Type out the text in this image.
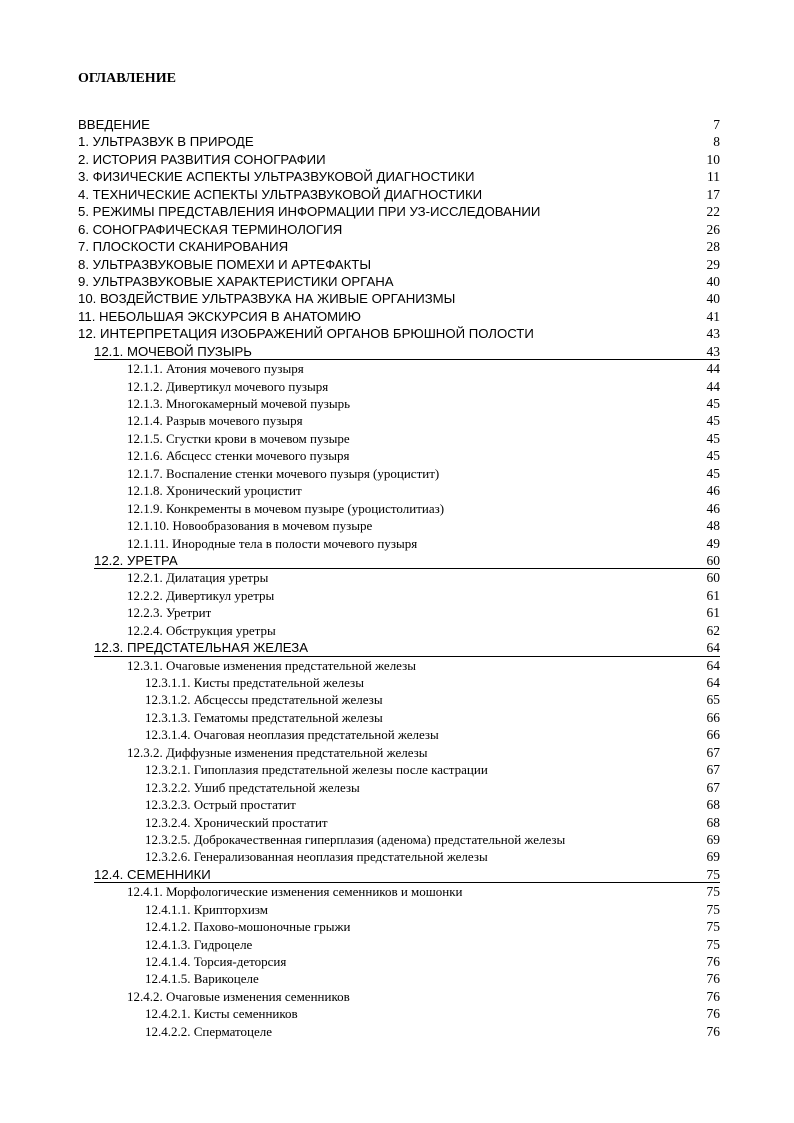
ОГЛАВЛЕНИЕ
ВВЕДЕНИЕ	7
1. УЛЬТРАЗВУК В ПРИРОДЕ	8
2. ИСТОРИЯ РАЗВИТИЯ СОНОГРАФИИ	10
3. ФИЗИЧЕСКИЕ АСПЕКТЫ УЛЬТРАЗВУКОВОЙ ДИАГНОСТИКИ	11
4. ТЕХНИЧЕСКИЕ АСПЕКТЫ УЛЬТРАЗВУКОВОЙ ДИАГНОСТИКИ	17
5. РЕЖИМЫ ПРЕДСТАВЛЕНИЯ ИНФОРМАЦИИ ПРИ УЗ-ИССЛЕДОВАНИИ	22
6. СОНОГРАФИЧЕСКАЯ ТЕРМИНОЛОГИЯ	26
7. ПЛОСКОСТИ СКАНИРОВАНИЯ	28
8. УЛЬТРАЗВУКОВЫЕ ПОМЕХИ И АРТЕФАКТЫ	29
9. УЛЬТРАЗВУКОВЫЕ ХАРАКТЕРИСТИКИ ОРГАНА	40
10. ВОЗДЕЙСТВИЕ УЛЬТРАЗВУКА НА ЖИВЫЕ ОРГАНИЗМЫ	40
11. НЕБОЛЬШАЯ ЭКСКУРСИЯ В АНАТОМИЮ	41
12. ИНТЕРПРЕТАЦИЯ ИЗОБРАЖЕНИЙ ОРГАНОВ БРЮШНОЙ ПОЛОСТИ	43
12.1. МОЧЕВОЙ ПУЗЫРЬ	43
12.1.1. Атония мочевого пузыря	44
12.1.2. Дивертикул мочевого пузыря	44
12.1.3. Многокамерный мочевой пузырь	45
12.1.4. Разрыв мочевого пузыря	45
12.1.5. Сгустки крови в мочевом пузыре	45
12.1.6. Абсцесс стенки мочевого пузыря	45
12.1.7. Воспаление стенки мочевого пузыря (уроцистит)	45
12.1.8. Хронический уроцистит	46
12.1.9. Конкременты в мочевом пузыре (уроцистолитиаз)	46
12.1.10. Новообразования в мочевом пузыре	48
12.1.11. Инородные тела в полости мочевого пузыря	49
12.2. УРЕТРА	60
12.2.1. Дилатация уретры	60
12.2.2. Дивертикул уретры	61
12.2.3. Уретрит	61
12.2.4. Обструкция уретры	62
12.3. ПРЕДСТАТЕЛЬНАЯ ЖЕЛЕЗА	64
12.3.1. Очаговые изменения предстательной железы	64
12.3.1.1. Кисты предстательной железы	64
12.3.1.2. Абсцессы предстательной железы	65
12.3.1.3. Гематомы предстательной железы	66
12.3.1.4. Очаговая неоплазия предстательной железы	66
12.3.2. Диффузные изменения предстательной железы	67
12.3.2.1. Гипоплазия предстательной железы после кастрации	67
12.3.2.2. Ушиб предстательной железы	67
12.3.2.3. Острый простатит	68
12.3.2.4. Хронический простатит	68
12.3.2.5. Доброкачественная гиперплазия (аденома) предстательной железы	69
12.3.2.6. Генерализованная неоплазия предстательной железы	69
12.4. СЕМЕННИКИ	75
12.4.1. Морфологические изменения семенников и мошонки	75
12.4.1.1. Крипторхизм	75
12.4.1.2. Пахово-мошоночные грыжи	75
12.4.1.3. Гидроцеле	75
12.4.1.4. Торсия-деторсия	76
12.4.1.5. Варикоцеле	76
12.4.2. Очаговые изменения семенников	76
12.4.2.1. Кисты семенников	76
12.4.2.2. Сперматоцеле	76
